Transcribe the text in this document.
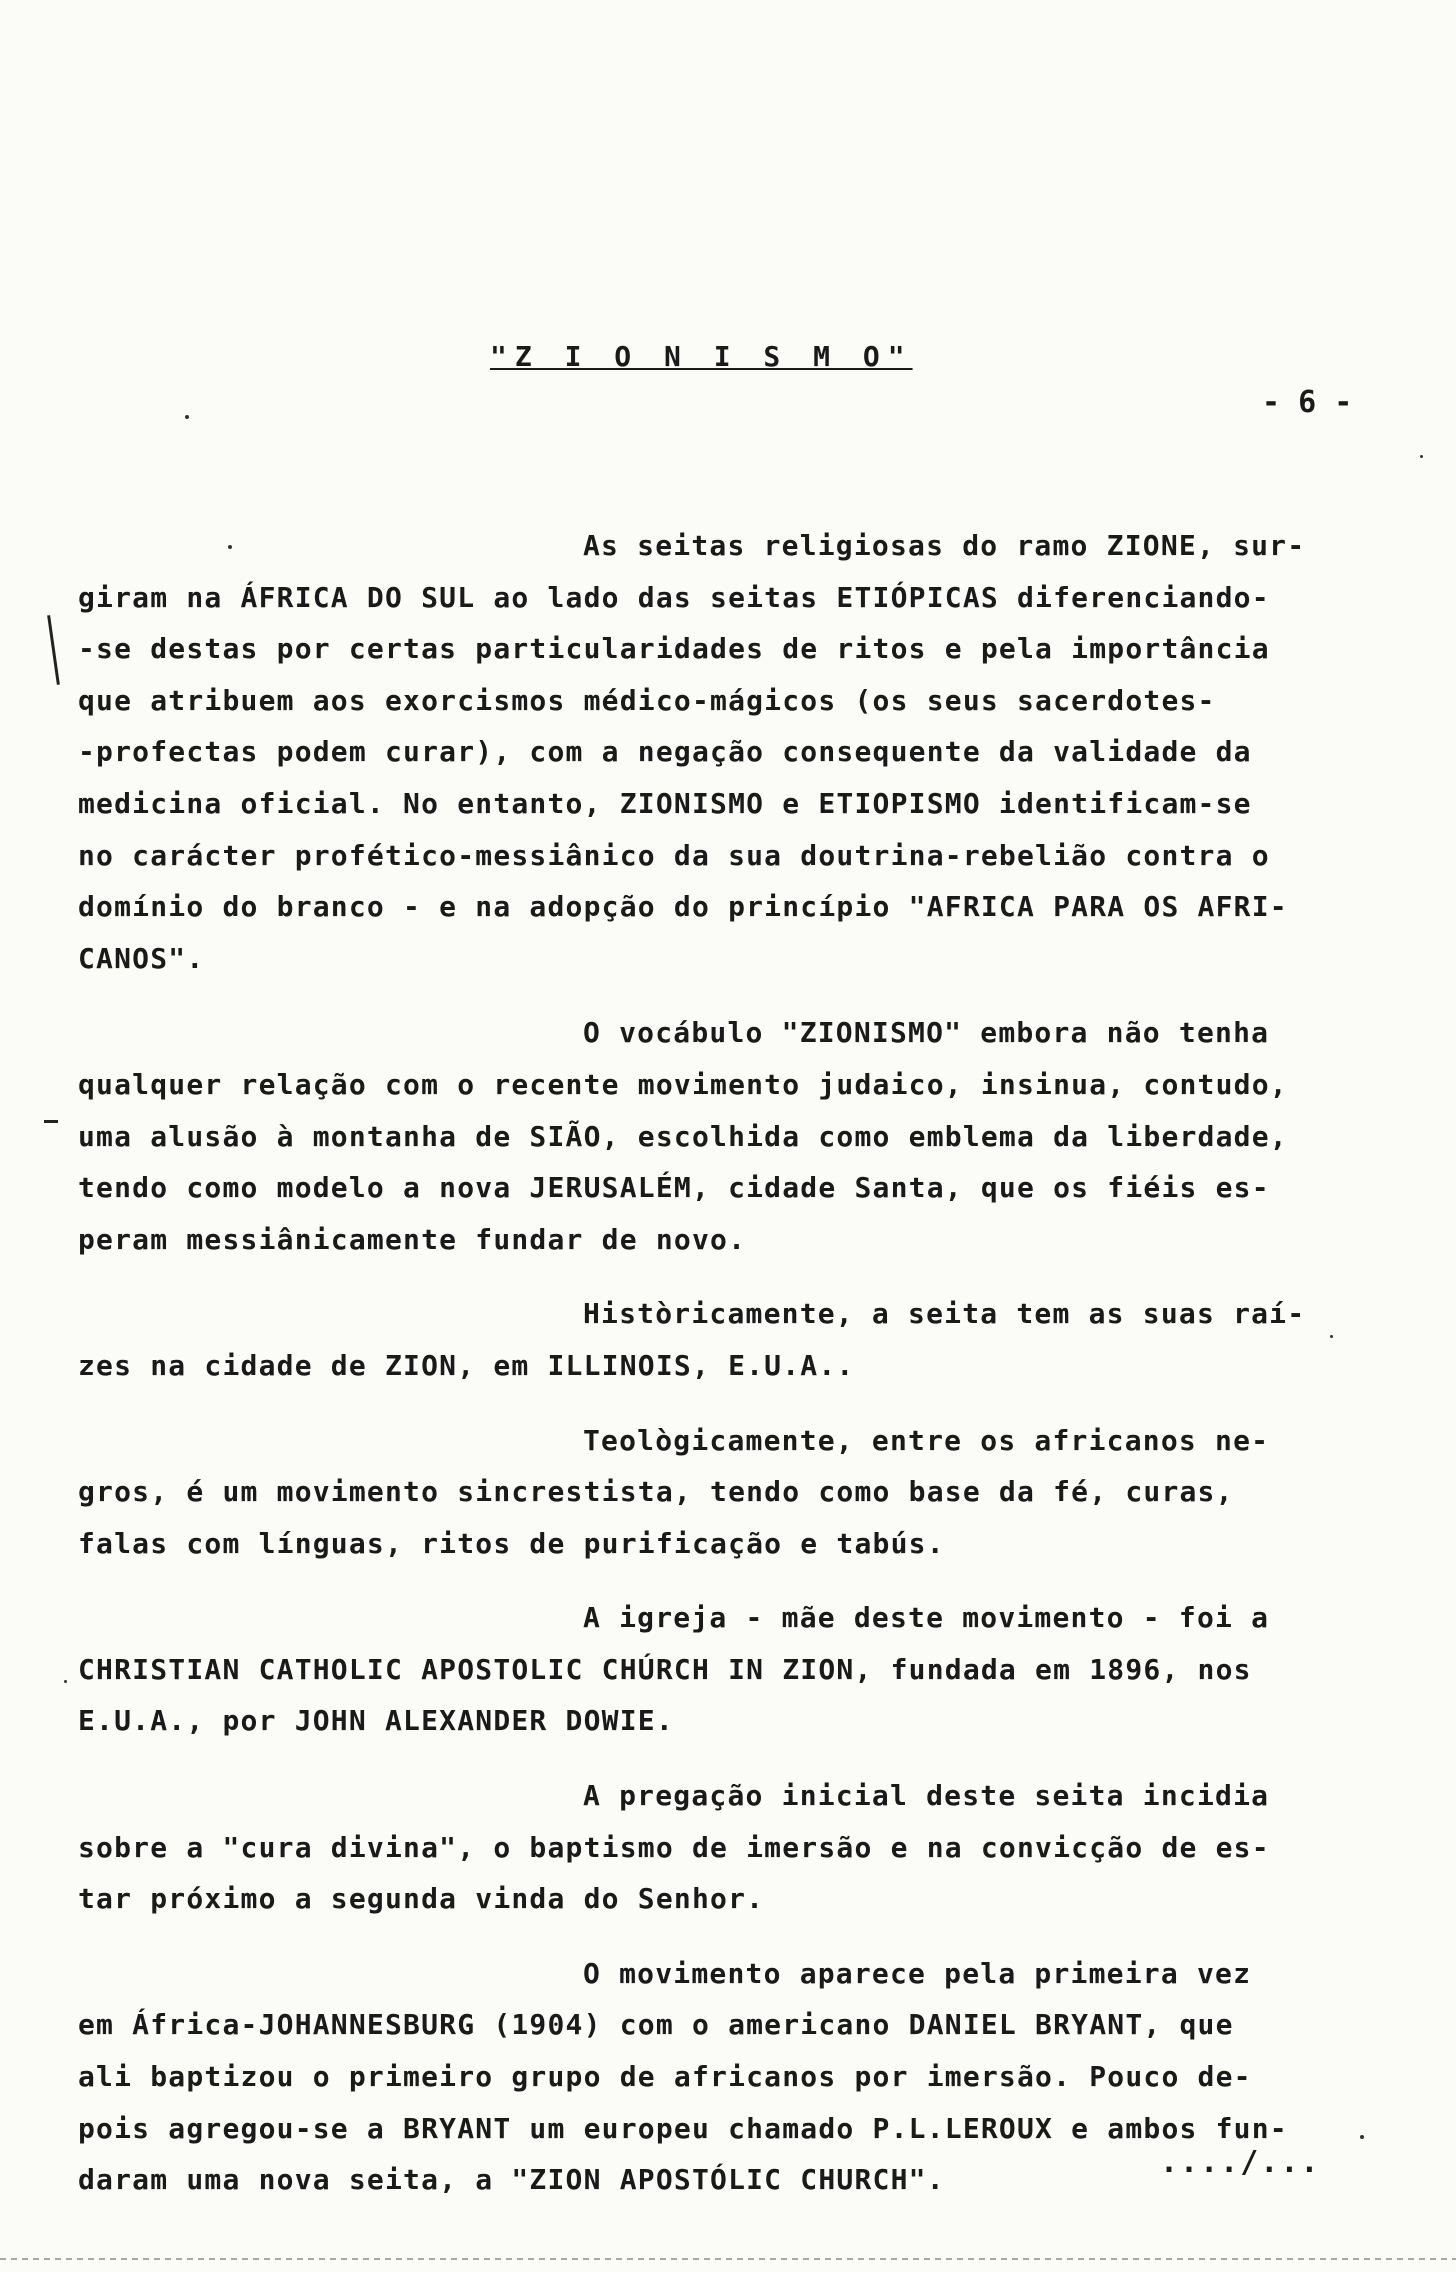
"Z I O N I S M O"
- 6 -
As seitas religiosas do ramo ZIONE, sur-
giram na ÁFRICA DO SUL ao lado das seitas ETIÓPICAS diferenciando-
-se destas por certas particularidades de ritos e pela importância
que atribuem aos exorcismos médico-mágicos (os seus sacerdotes-
-profectas podem curar), com a negação consequente da validade da
medicina oficial. No entanto, ZIONISMO e ETIOPISMO identificam-se
no carácter profético-messiânico da sua doutrina-rebelião contra o
domínio do branco - e na adopção do princípio "AFRICA PARA OS AFRI-
CANOS".
O vocábulo "ZIONISMO" embora não tenha
qualquer relação com o recente movimento judaico, insinua, contudo,
uma alusão à montanha de SIÃO, escolhida como emblema da liberdade,
tendo como modelo a nova JERUSALÉM, cidade Santa, que os fiéis es-
peram messiânicamente fundar de novo.
Històricamente, a seita tem as suas raí-
zes na cidade de ZION, em ILLINOIS, E.U.A..
Teològicamente, entre os africanos ne-
gros, é um movimento sincrestista, tendo como base da fé, curas,
falas com línguas, ritos de purificação e tabús.
A igreja - mãe deste movimento - foi a
CHRISTIAN CATHOLIC APOSTOLIC CHÚRCH IN ZION, fundada em 1896, nos
E.U.A., por JOHN ALEXANDER DOWIE.
A pregação inicial deste seita incidia
sobre a "cura divina", o baptismo de imersão e na convicção de es-
tar próximo a segunda vinda do Senhor.
O movimento aparece pela primeira vez
em África-JOHANNESBURG (1904) com o americano DANIEL BRYANT, que
ali baptizou o primeiro grupo de africanos por imersão. Pouco de-
pois agregou-se a BRYANT um europeu chamado P.L.LEROUX e ambos fun-
daram uma nova seita, a "ZION APOSTÓLIC CHURCH".	..../...
